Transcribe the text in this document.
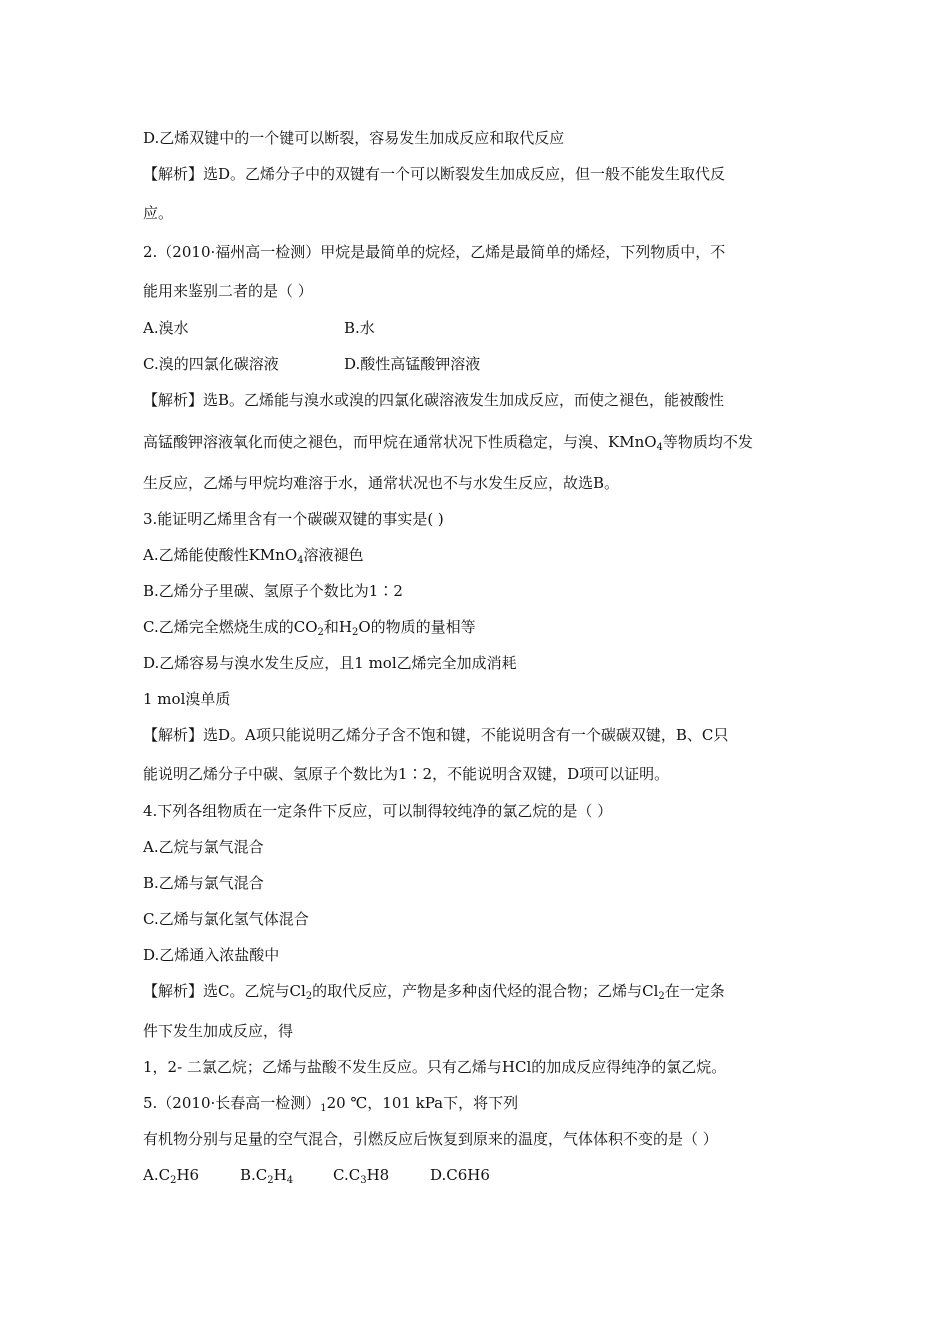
D.乙烯双键中的一个键可以断裂，容易发生加成反应和取代反应
【解析】选D。乙烯分子中的双键有一个可以断裂发生加成反应，但一般不能发生取代反
应。
2.（2010·福州高一检测）甲烷是最简单的烷烃，乙烯是最简单的烯烃，下列物质中，不
能用来鉴别二者的是（ ）
A.溴水	B.水
C.溴的四氯化碳溶液	D.酸性高锰酸钾溶液
【解析】选B。乙烯能与溴水或溴的四氯化碳溶液发生加成反应，而使之褪色，能被酸性
高锰酸钾溶液氧化而使之褪色，而甲烷在通常状况下性质稳定，与溴、KMnO$_4$等物质均不发
生反应，乙烯与甲烷均难溶于水，通常状况也不与水发生反应，故选B。
3.能证明乙烯里含有一个碳碳双键的事实是( )
A.乙烯能使酸性KMnO$_4$溶液褪色
B.乙烯分子里碳、氢原子个数比为1∶2
C.乙烯完全燃烧生成的$CO_2$和$H_2O$的物质的量相等
D.乙烯容易与溴水发生反应，且1 mol乙烯完全加成消耗
1 mol溴单质
【解析】选D。A项只能说明乙烯分子含不饱和键，不能说明含有一个碳碳双键，B、C只
能说明乙烯分子中碳、氢原子个数比为1∶2，不能说明含双键，D项可以证明。
4.下列各组物质在一定条件下反应，可以制得较纯净的氯乙烷的是（ ）
A.乙烷与氯气混合
B.乙烯与氯气混合
C.乙烯与氯化氢气体混合
D.乙烯通入浓盐酸中
【解析】选C。乙烷与$Cl_2$的取代反应，产物是多种卤代烃的混合物；乙烯与$Cl_2$在一定条
件下发生加成反应，得
1，2- 二氯乙烷；乙烯与盐酸不发生反应。只有乙烯与HCl的加成反应得纯净的氯乙烷。
5.（2010·长春高一检测）$_120$ ℃，101 kPa下，将下列
有机物分别与足量的空气混合，引燃反应后恢复到原来的温度，气体体积不变的是（ ）
$A.C_2H6$	$B.C_2H_4$	$C.C_3H8$	D.C6H6
